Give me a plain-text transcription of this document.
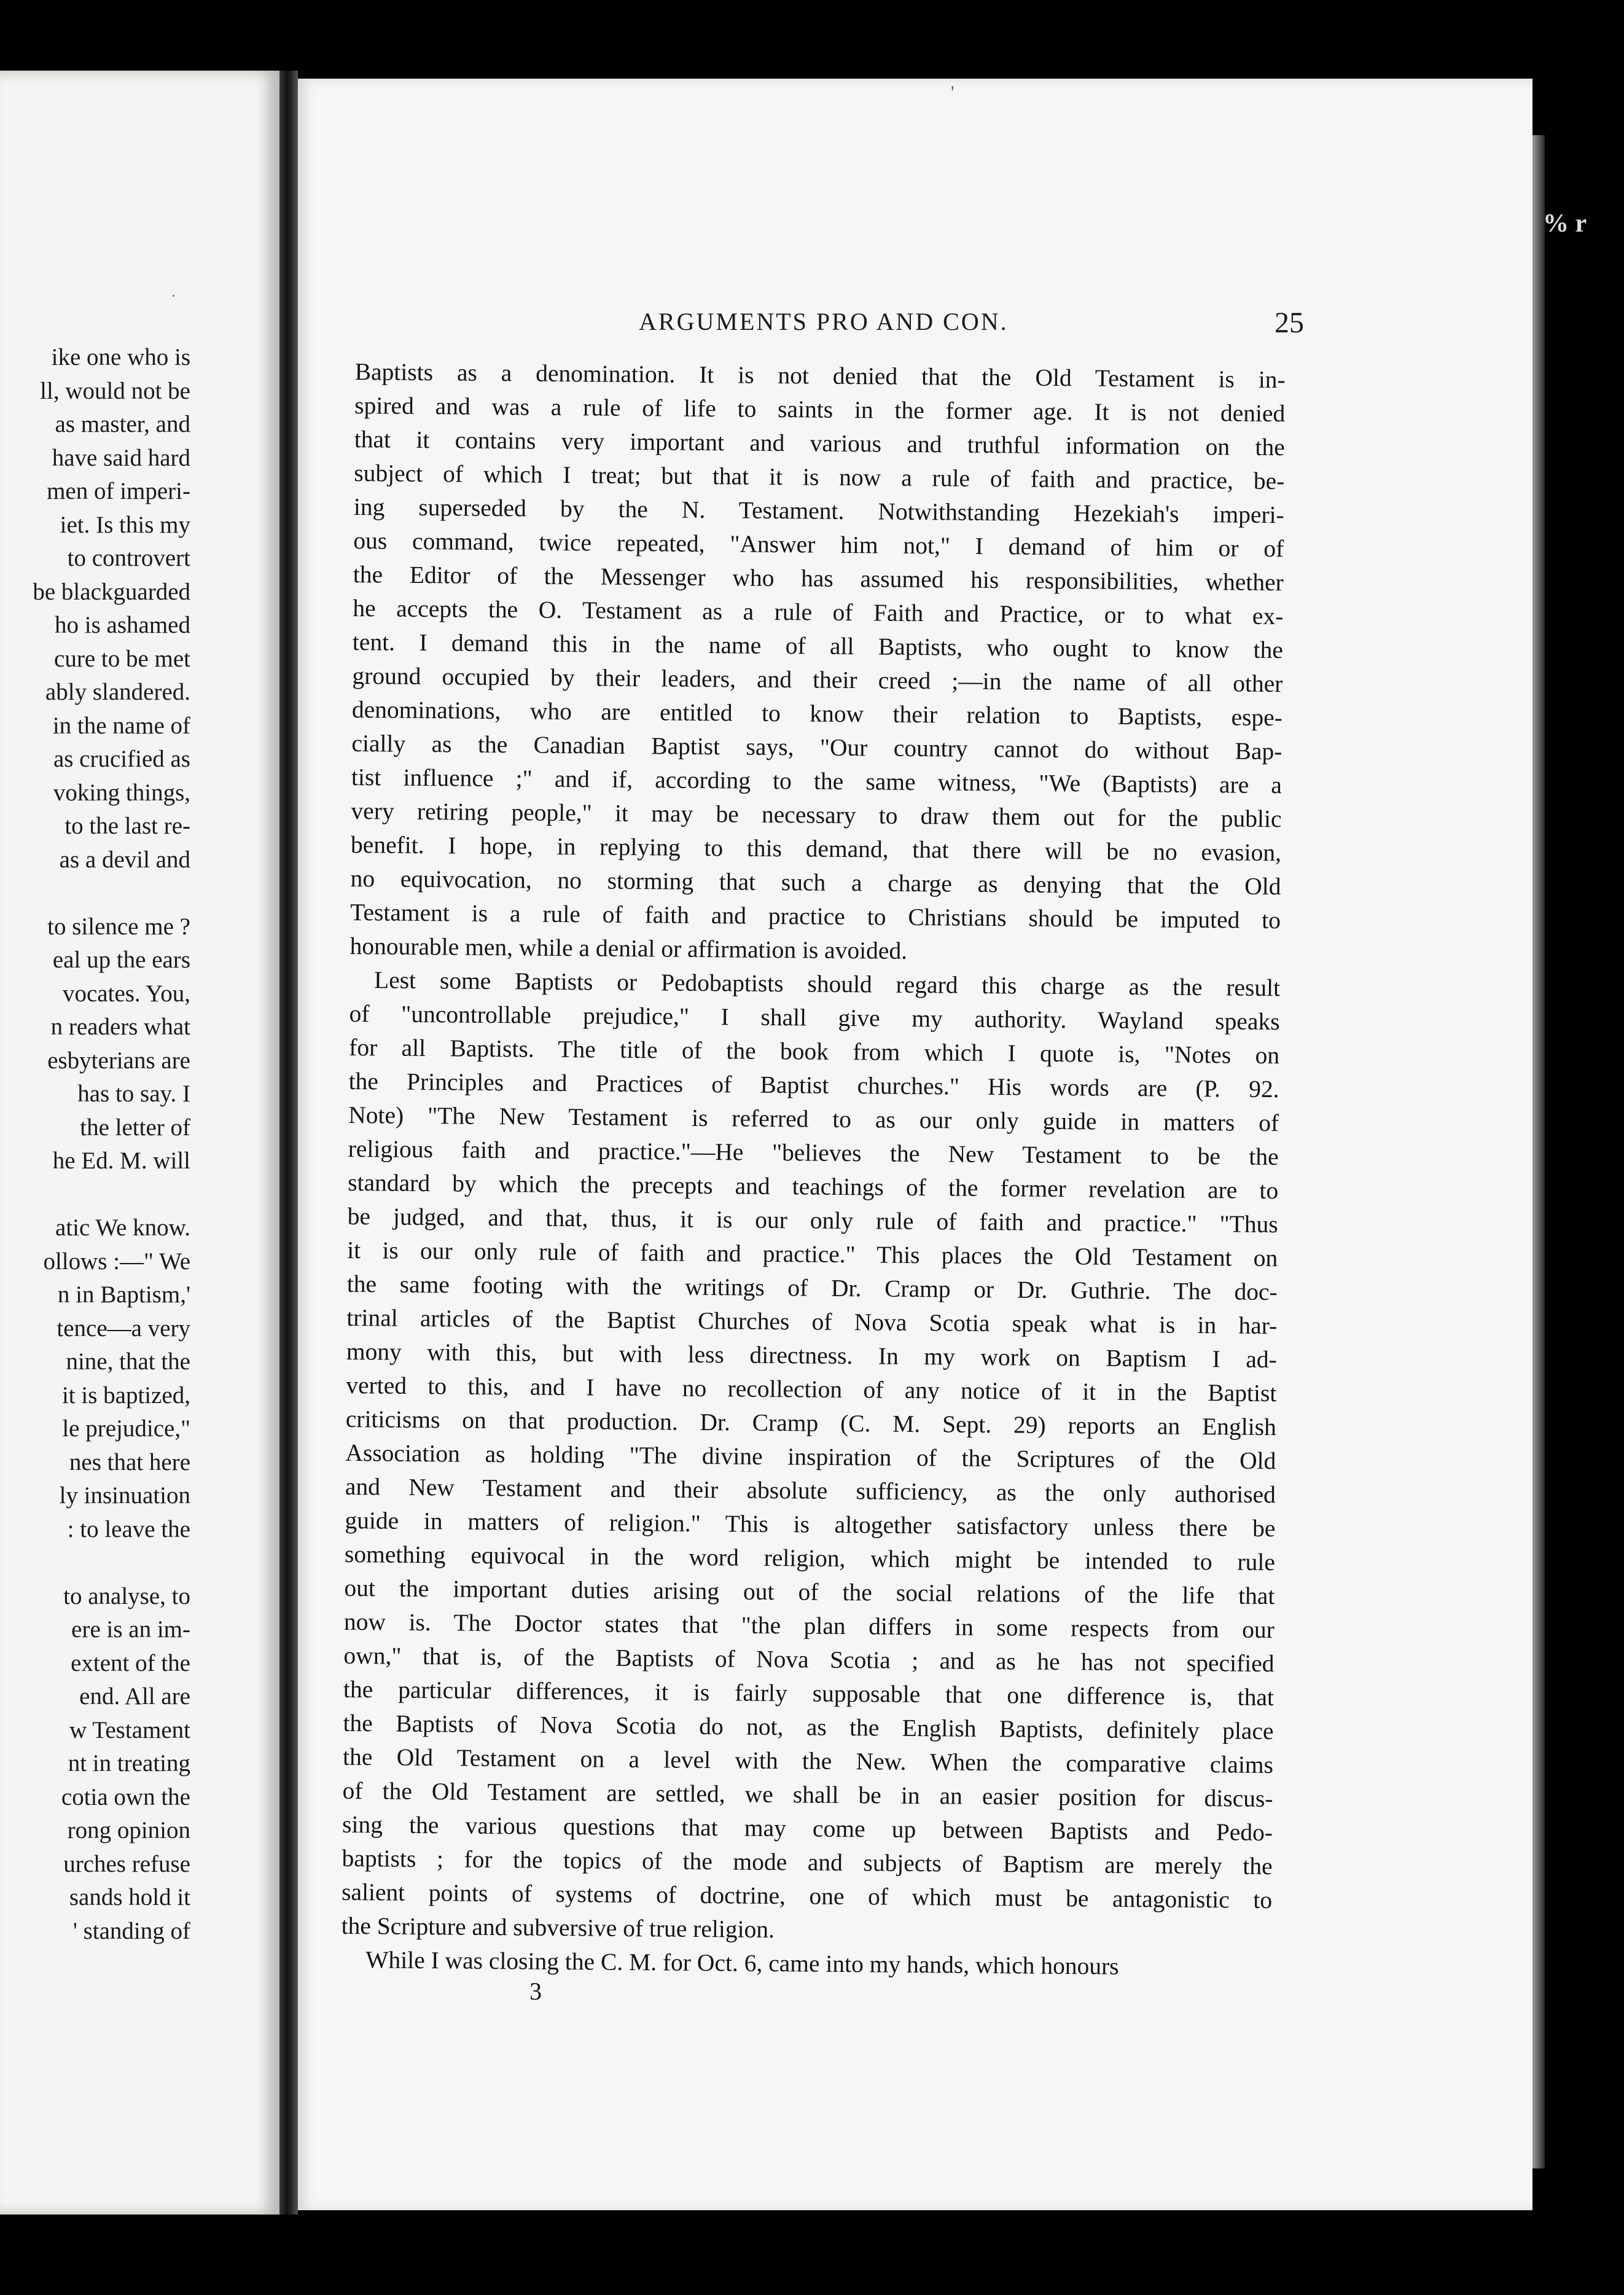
·
ike one who is
ll, would not be
as master, and
have said hard
men of imperi-
iet. Is this my
to controvert
be blackguarded
ho is ashamed
cure to be met
ably slandered.
in the name of
as crucified as
voking things,
to the last re-
as a devil and
to silence me ?
eal up the ears
vocates. You,
n readers what
esbyterians are
has to say. I
the letter of
he Ed. M. will
atic We know.
ollows :—" We
n in Baptism,'
tence—a very
nine, that the
it is baptized,
le prejudice,"
nes that here
ly insinuation
: to leave the
to analyse, to
ere is an im-
extent of the
end. All are
w Testament
nt in treating
cotia own the
rong opinion
urches refuse
sands hold it
' standing of
% r
'
ARGUMENTS PRO AND CON.	25
Baptists as a denomination. It is not denied that the Old Testament is in-
spired and was a rule of life to saints in the former age. It is not denied
that it contains very important and various and truthful information on the
subject of which I treat; but that it is now a rule of faith and practice, be-
ing superseded by the N. Testament. Notwithstanding Hezekiah's imperi-
ous command, twice repeated, "Answer him not," I demand of him or of
the Editor of the Messenger who has assumed his responsibilities, whether
he accepts the O. Testament as a rule of Faith and Practice, or to what ex-
tent. I demand this in the name of all Baptists, who ought to know the
ground occupied by their leaders, and their creed ;—in the name of all other
denominations, who are entitled to know their relation to Baptists, espe-
cially as the Canadian Baptist says, "Our country cannot do without Bap-
tist influence ;" and if, according to the same witness, "We (Baptists) are a
very retiring people," it may be necessary to draw them out for the public
benefit. I hope, in replying to this demand, that there will be no evasion,
no equivocation, no storming that such a charge as denying that the Old
Testament is a rule of faith and practice to Christians should be imputed to
honourable men, while a denial or affirmation is avoided.
Lest some Baptists or Pedobaptists should regard this charge as the result
of "uncontrollable prejudice," I shall give my authority. Wayland speaks
for all Baptists. The title of the book from which I quote is, "Notes on
the Principles and Practices of Baptist churches." His words are (P. 92.
Note) "The New Testament is referred to as our only guide in matters of
religious faith and practice."—He "believes the New Testament to be the
standard by which the precepts and teachings of the former revelation are to
be judged, and that, thus, it is our only rule of faith and practice." "Thus
it is our only rule of faith and practice." This places the Old Testament on
the same footing with the writings of Dr. Cramp or Dr. Guthrie. The doc-
trinal articles of the Baptist Churches of Nova Scotia speak what is in har-
mony with this, but with less directness. In my work on Baptism I ad-
verted to this, and I have no recollection of any notice of it in the Baptist
criticisms on that production. Dr. Cramp (C. M. Sept. 29) reports an English
Association as holding "The divine inspiration of the Scriptures of the Old
and New Testament and their absolute sufficiency, as the only authorised
guide in matters of religion." This is altogether satisfactory unless there be
something equivocal in the word religion, which might be intended to rule
out the important duties arising out of the social relations of the life that
now is. The Doctor states that "the plan differs in some respects from our
own," that is, of the Baptists of Nova Scotia ; and as he has not specified
the particular differences, it is fairly supposable that one difference is, that
the Baptists of Nova Scotia do not, as the English Baptists, definitely place
the Old Testament on a level with the New. When the comparative claims
of the Old Testament are settled, we shall be in an easier position for discus-
sing the various questions that may come up between Baptists and Pedo-
baptists ; for the topics of the mode and subjects of Baptism are merely the
salient points of systems of doctrine, one of which must be antagonistic to
the Scripture and subversive of true religion.
While I was closing the C. M. for Oct. 6, came into my hands, which honours
3
